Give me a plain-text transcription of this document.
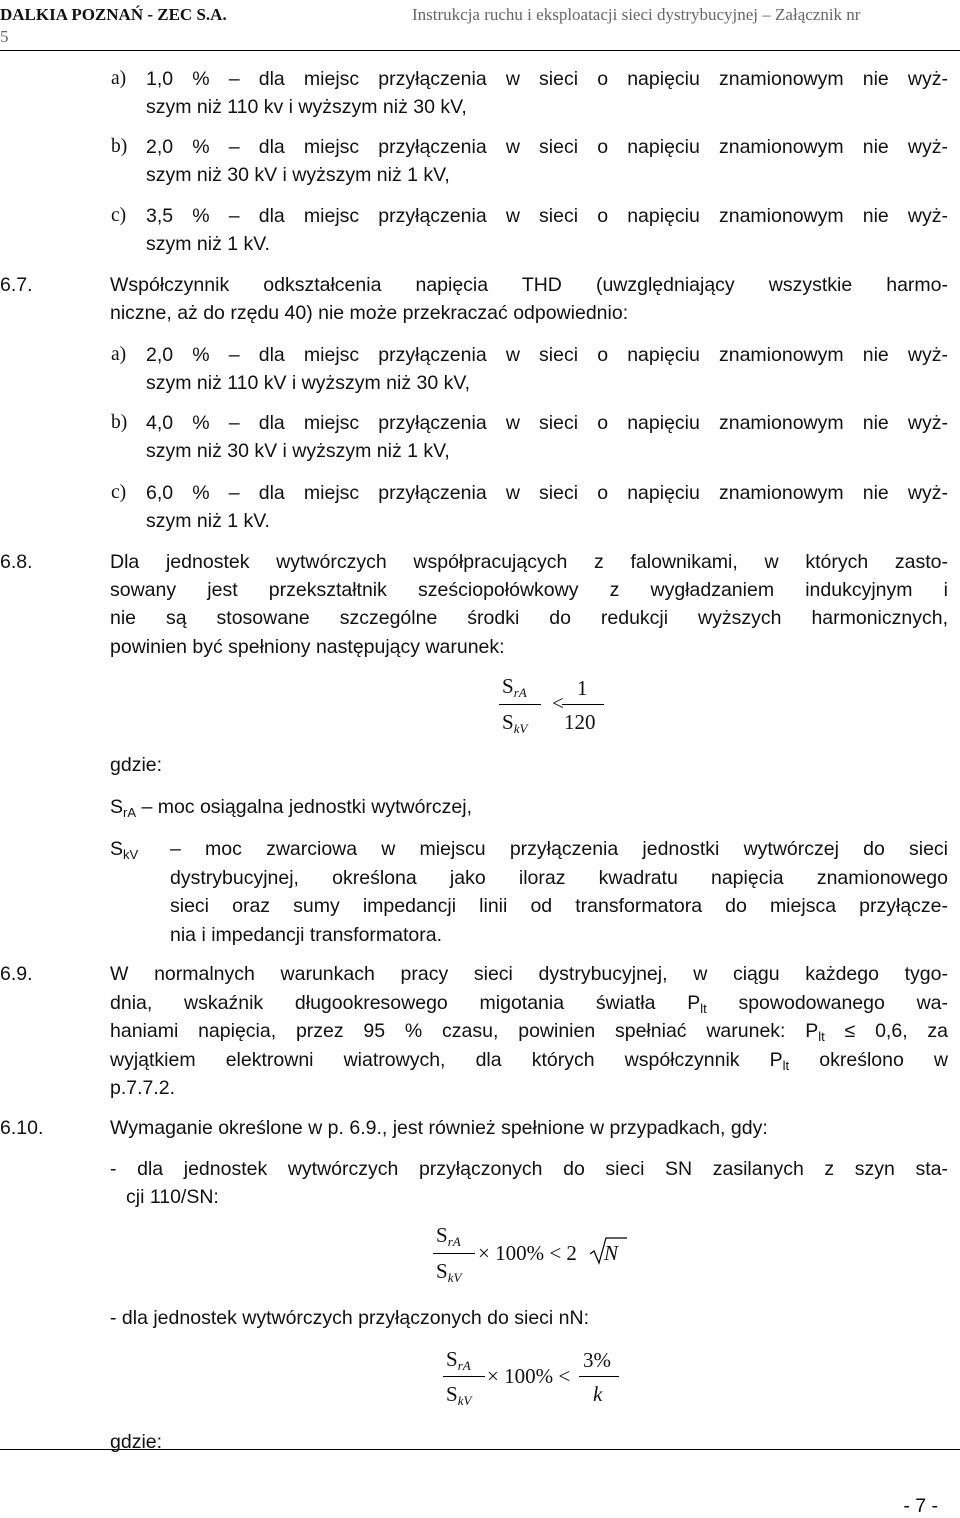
DALKIA POZNAŃ - ZEC S.A.	Instrukcja ruchu i eksploatacji sieci dystrybucyjnej – Załącznik nr
5
a) 1,0 % – dla miejsc przyłączenia w sieci o napięciu znamionowym nie wyż-
szym niż 110 kv i wyższym niż 30 kV,
b) 2,0 % – dla miejsc przyłączenia w sieci o napięciu znamionowym nie wyż-
szym niż 30 kV i wyższym niż 1 kV,
c) 3,5 % – dla miejsc przyłączenia w sieci o napięciu znamionowym nie wyż-
szym niż 1 kV.
6.7.	Współczynnik odkształcenia napięcia THD (uwzględniający wszystkie harmo-
niczne, aż do rzędu 40) nie może przekraczać odpowiednio:
a) 2,0 % – dla miejsc przyłączenia w sieci o napięciu znamionowym nie wyż-
szym niż 110 kV i wyższym niż 30 kV,
b) 4,0 % – dla miejsc przyłączenia w sieci o napięciu znamionowym nie wyż-
szym niż 30 kV i wyższym niż 1 kV,
c) 6,0 % – dla miejsc przyłączenia w sieci o napięciu znamionowym nie wyż-
szym niż 1 kV.
6.8.	Dla jednostek wytwórczych współpracujących z falownikami, w których zasto-
sowany jest przekształtnik sześciopołówkowy z wygładzaniem indukcyjnym i
nie są stosowane szczególne środki do redukcji wyższych harmonicznych,
powinien być spełniony następujący warunek:
$S_{rA}$
$S_{kV}$
<
1
120
gdzie:
$S_{rA}$ – moc osiągalna jednostki wytwórczej,
$S_{kV}$ – moc zwarciowa w miejscu przyłączenia jednostki wytwórczej do sieci
dystrybucyjnej, określona jako iloraz kwadratu napięcia znamionowego
sieci oraz sumy impedancji linii od transformatora do miejsca przyłącze-
nia i impedancji transformatora.
6.9.	W normalnych warunkach pracy sieci dystrybucyjnej, w ciągu każdego tygo-
dnia, wskaźnik długookresowego migotania światła $P_{lt}$ spowodowanego wa-
haniami napięcia, przez 95 % czasu, powinien spełniać warunek: $P_{lt} \le 0,6$, za
wyjątkiem elektrowni wiatrowych, dla których współczynnik $P_{lt}$ określono w
p.7.7.2.
6.10.	Wymaganie określone w p. 6.9., jest również spełnione w przypadkach, gdy:
- dla jednostek wytwórczych przyłączonych do sieci SN zasilanych z szyn sta-
cji 110/SN:
$S_{rA}$
$S_{kV}$
× 100% < 2 N
- dla jednostek wytwórczych przyłączonych do sieci nN:
$S_{rA}$
$S_{kV}$
× 100% <
3%
k
gdzie:
- 7 -
